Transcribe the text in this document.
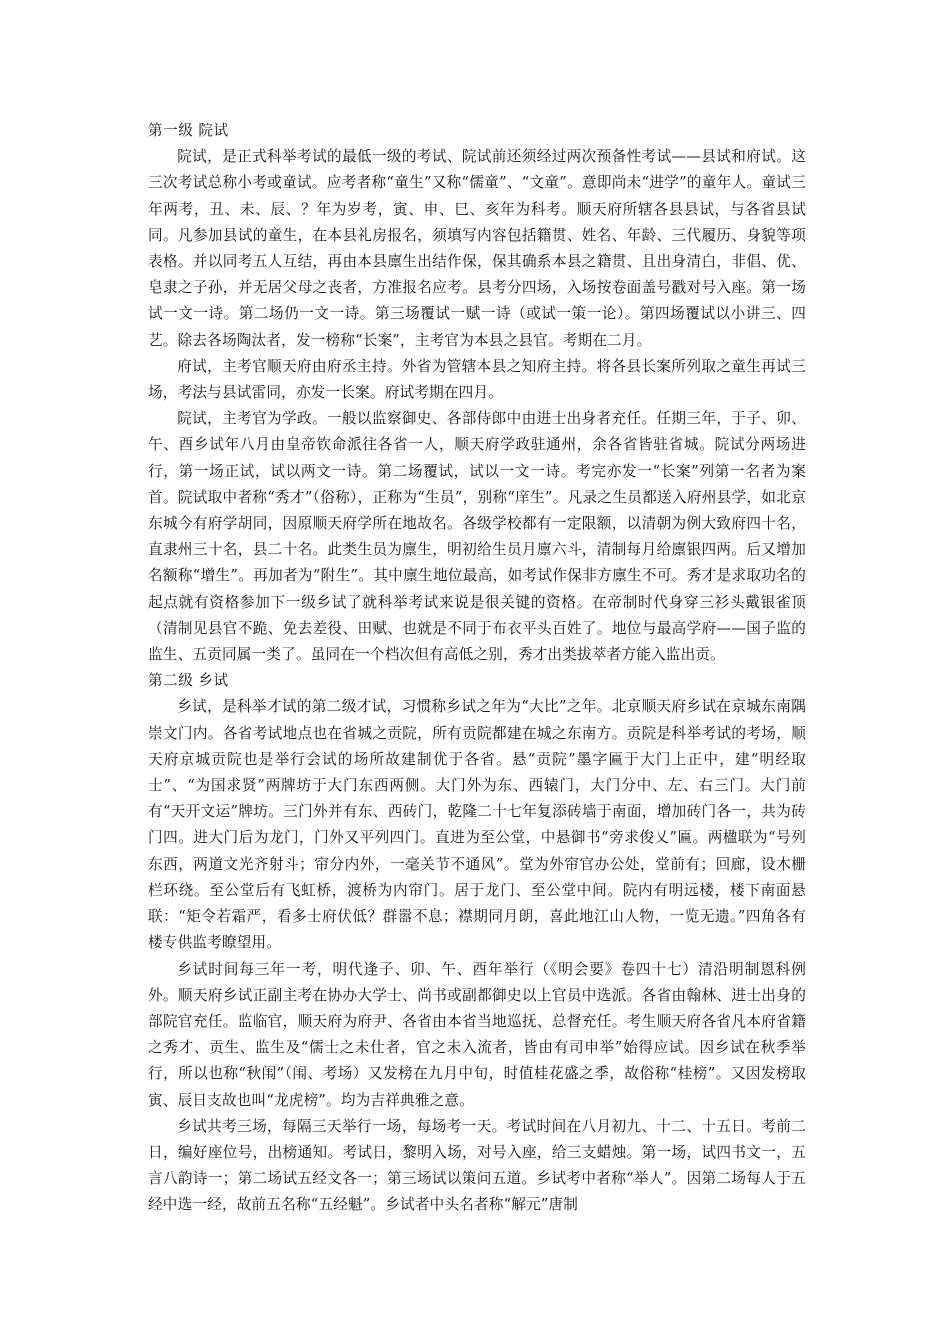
第一级 院试

院试，是正式科举考试的最低一级的考试、院试前还须经过两次预备性考试——县试和府试。这三次考试总称小考或童试。应考者称“童生”又称“儒童”、“文童”。意即尚未“进学”的童年人。童试三年两考，丑、未、辰、？年为岁考，寅、申、巳、亥年为科考。顺天府所辖各县县试，与各省县试同。凡参加县试的童生，在本县礼房报名，须填写内容包括籍贯、姓名、年龄、三代履历、身貌等项表格。并以同考五人互结，再由本县廪生出结作保，保其确系本县之籍贯、且出身清白，非倡、优、皂隶之子孙，并无居父母之丧者，方准报名应考。县考分四场，入场按卷面盖号戳对号入座。第一场试一文一诗。第二场仍一文一诗。第三场覆试一赋一诗（或试一策一论）。第四场覆试以小讲三、四艺。除去各场陶汰者，发一榜称“长案”，主考官为本县之县官。考期在二月。

府试，主考官顺天府由府丞主持。外省为管辖本县之知府主持。将各县长案所列取之童生再试三场，考法与县试雷同，亦发一长案。府试考期在四月。

院试，主考官为学政。一般以监察御史、各部侍郎中由进士出身者充任。任期三年，于子、卯、午、酉乡试年八月由皇帝钦命派往各省一人，顺天府学政驻通州，余各省皆驻省城。院试分两场进行，第一场正试，试以两文一诗。第二场覆试，试以一文一诗。考完亦发一“长案”列第一名者为案首。院试取中者称“秀才”（俗称），正称为“生员”，别称“庠生”。凡录之生员都送入府州县学，如北京东城今有府学胡同，因原顺天府学所在地故名。各级学校都有一定限额，以清朝为例大致府四十名，直隶州三十名，县二十名。此类生员为廪生，明初给生员月廪六斗，清制每月给廪银四两。后又增加名额称“增生”。再加者为“附生”。其中廪生地位最高，如考试作保非方廪生不可。秀才是求取功名的起点就有资格参加下一级乡试了就科举考试来说是很关键的资格。在帝制时代身穿三衫头戴银雀顶（清制见县官不跪、免去差役、田赋、也就是不同于布衣平头百姓了。地位与最高学府——国子监的监生、五贡同属一类了。虽同在一个档次但有高低之别，秀才出类拔萃者方能入监出贡。

第二级 乡试

乡试，是科举才试的第二级才试，习惯称乡试之年为“大比”之年。北京顺天府乡试在京城东南隅崇文门内。各省考试地点也在省城之贡院，所有贡院都建在城之东南方。贡院是科举考试的考场，顺天府京城贡院也是举行会试的场所故建制优于各省。悬“贡院”墨字匾于大门上正中，建“明经取士”、“为国求贤”两牌坊于大门东西两侧。大门外为东、西辕门，大门分中、左、右三门。大门前有“天开文运”牌坊。三门外并有东、西砖门，乾隆二十七年复添砖墙于南面，增加砖门各一，共为砖门四。进大门后为龙门，门外又平列四门。直进为至公堂，中悬御书“旁求俊乂”匾。两楹联为“号列东西，两道文光齐射斗；帘分内外，一毫关节不通风”。堂为外帘官办公处，堂前有；回廊，设木栅栏环绕。至公堂后有飞虹桥，渡桥为内帘门。居于龙门、至公堂中间。院内有明远楼，楼下南面悬联：“矩令若霜严，看多士府伏低？群嚣不息；襟期同月朗，喜此地江山人物，一览无遗。”四角各有楼专供监考瞭望用。

乡试时间每三年一考，明代逢子、卯、午、酉年举行（《明会要》卷四十七）清沿明制恩科例外。顺天府乡试正副主考在协办大学士、尚书或副都御史以上官员中选派。各省由翰林、进士出身的部院官充任。监临官，顺天府为府尹、各省由本省当地巡抚、总督充任。考生顺天府各省凡本府省籍之秀才、贡生、监生及“儒士之未仕者，官之未入流者，皆由有司申举”始得应试。因乡试在秋季举行，所以也称“秋闱”（闱、考场）又发榜在九月中旬，时值桂花盛之季，故俗称“桂榜”。又因发榜取寅、辰日支故也叫“龙虎榜”。均为吉祥典雅之意。

乡试共考三场，每隔三天举行一场，每场考一天。考试时间在八月初九、十二、十五日。考前二日，编好座位号，出榜通知。考试日，黎明入场，对号入座，给三支蜡烛。第一场，试四书文一，五言八韵诗一；第二场试五经文各一；第三场试以策问五道。乡试考中者称“举人”。因第二场每人于五经中选一经，故前五名称“五经魁”。乡试者中头名者称“解元”唐制
